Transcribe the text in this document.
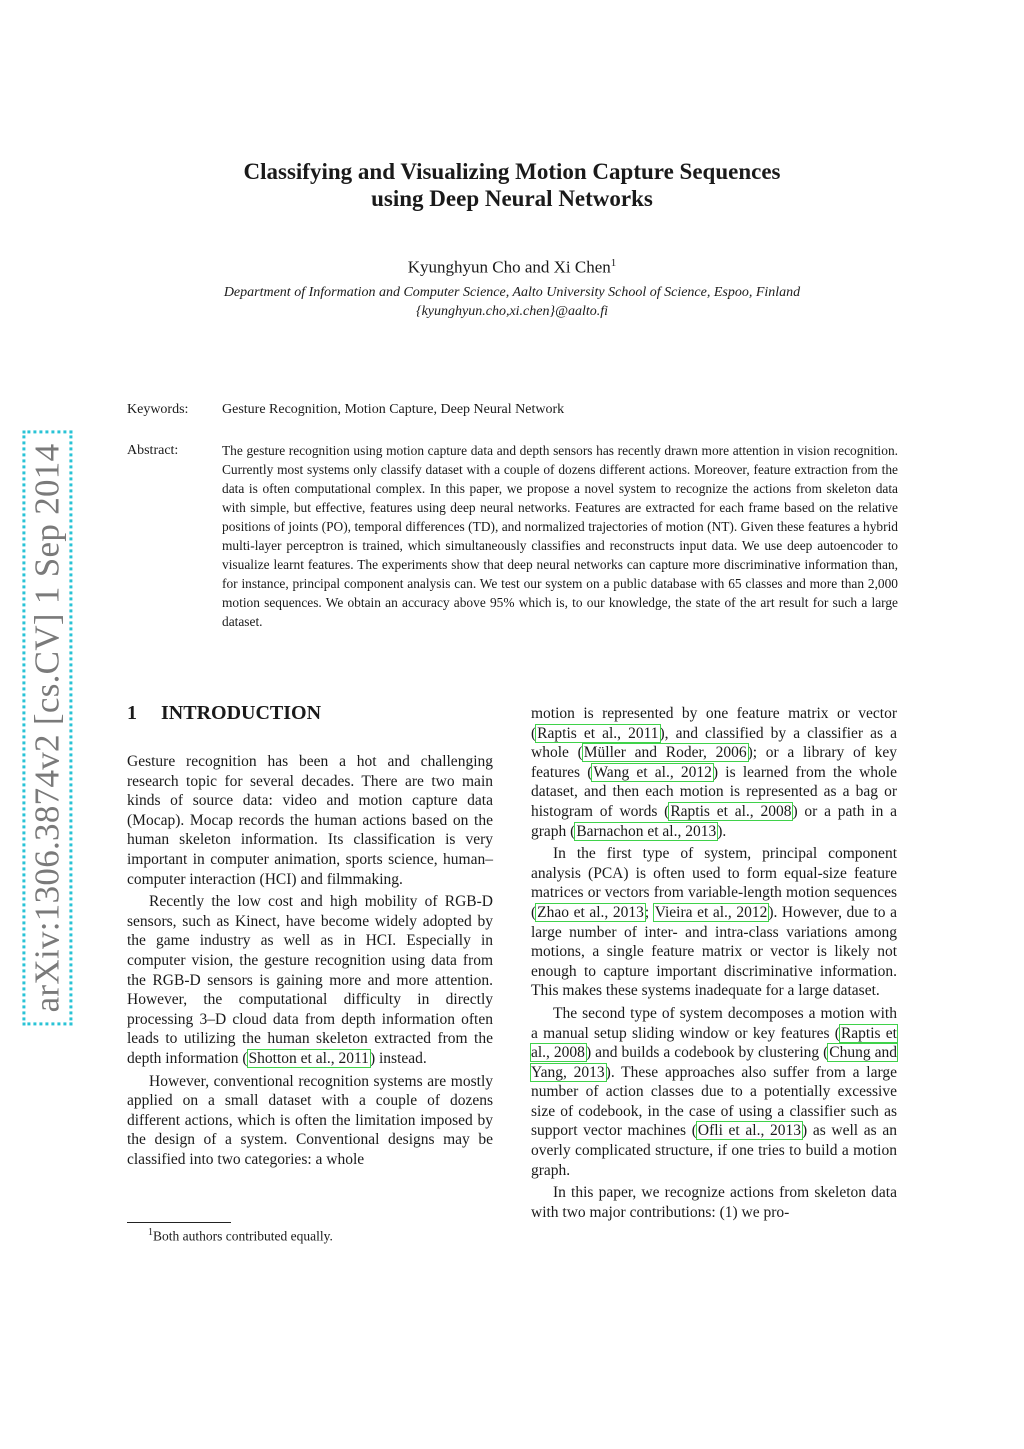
arXiv:1306.3874v2 [cs.CV] 1 Sep 2014
Classifying and Visualizing Motion Capture Sequences
using Deep Neural Networks
Kyunghyun Cho and Xi Chen$^1$
Department of Information and Computer Science, Aalto University School of Science, Espoo, Finland
{kyunghyun.cho,xi.chen}@aalto.fi
Keywords: Gesture Recognition, Motion Capture, Deep Neural Network
Abstract:	The gesture recognition using motion capture data and depth sensors has recently drawn more attention in vision recognition. Currently most systems only classify dataset with a couple of dozens different actions. Moreover, feature extraction from the data is often computational complex. In this paper, we propose a novel system to recognize the actions from skeleton data with simple, but effective, features using deep neural networks. Features are extracted for each frame based on the relative positions of joints (PO), temporal differences (TD), and normalized trajectories of motion (NT). Given these features a hybrid multi-layer perceptron is trained, which simultaneously classifies and reconstructs input data. We use deep autoencoder to visualize learnt features. The experiments show that deep neural networks can capture more discriminative information than, for instance, principal component analysis can. We test our system on a public database with 65 classes and more than 2,000 motion sequences. We obtain an accuracy above 95% which is, to our knowledge, the state of the art result for such a large dataset.
1 INTRODUCTION

Gesture recognition has been a hot and challenging research topic for several decades. There are two main kinds of source data: video and motion capture data (Mocap). Mocap records the human actions based on the human skeleton information. Its classification is very important in computer animation, sports science, human–computer interaction (HCI) and filmmaking.

Recently the low cost and high mobility of RGB-D sensors, such as Kinect, have become widely adopted by the game industry as well as in HCI. Especially in computer vision, the gesture recognition using data from the RGB-D sensors is gaining more and more attention. However, the computational difficulty in directly processing 3–D cloud data from depth information often leads to utilizing the human skeleton extracted from the depth information (Shotton et al., 2011) instead.

However, conventional recognition systems are mostly applied on a small dataset with a couple of dozens different actions, which is often the limitation imposed by the design of a system. Conventional designs may be classified into two categories: a whole

motion is represented by one feature matrix or vector (Raptis et al., 2011), and classified by a classifier as a whole (Müller and Roder, 2006); or a library of key features (Wang et al., 2012) is learned from the whole dataset, and then each motion is represented as a bag or histogram of words (Raptis et al., 2008) or a path in a graph (Barnachon et al., 2013).

In the first type of system, principal component analysis (PCA) is often used to form equal-size feature matrices or vectors from variable-length motion sequences (Zhao et al., 2013; Vieira et al., 2012). However, due to a large number of inter- and intra-class variations among motions, a single feature matrix or vector is likely not enough to capture important discriminative information. This makes these systems inadequate for a large dataset.

The second type of system decomposes a motion with a manual setup sliding window or key features (Raptis et al., 2008) and builds a codebook by clustering (Chung and Yang, 2013). These approaches also suffer from a large number of action classes due to a potentially excessive size of codebook, in the case of using a classifier such as support vector machines (Ofli et al., 2013) as well as an overly complicated structure, if one tries to build a motion graph.

In this paper, we recognize actions from skeleton data with two major contributions: (1) we pro-

$^1$Both authors contributed equally.
